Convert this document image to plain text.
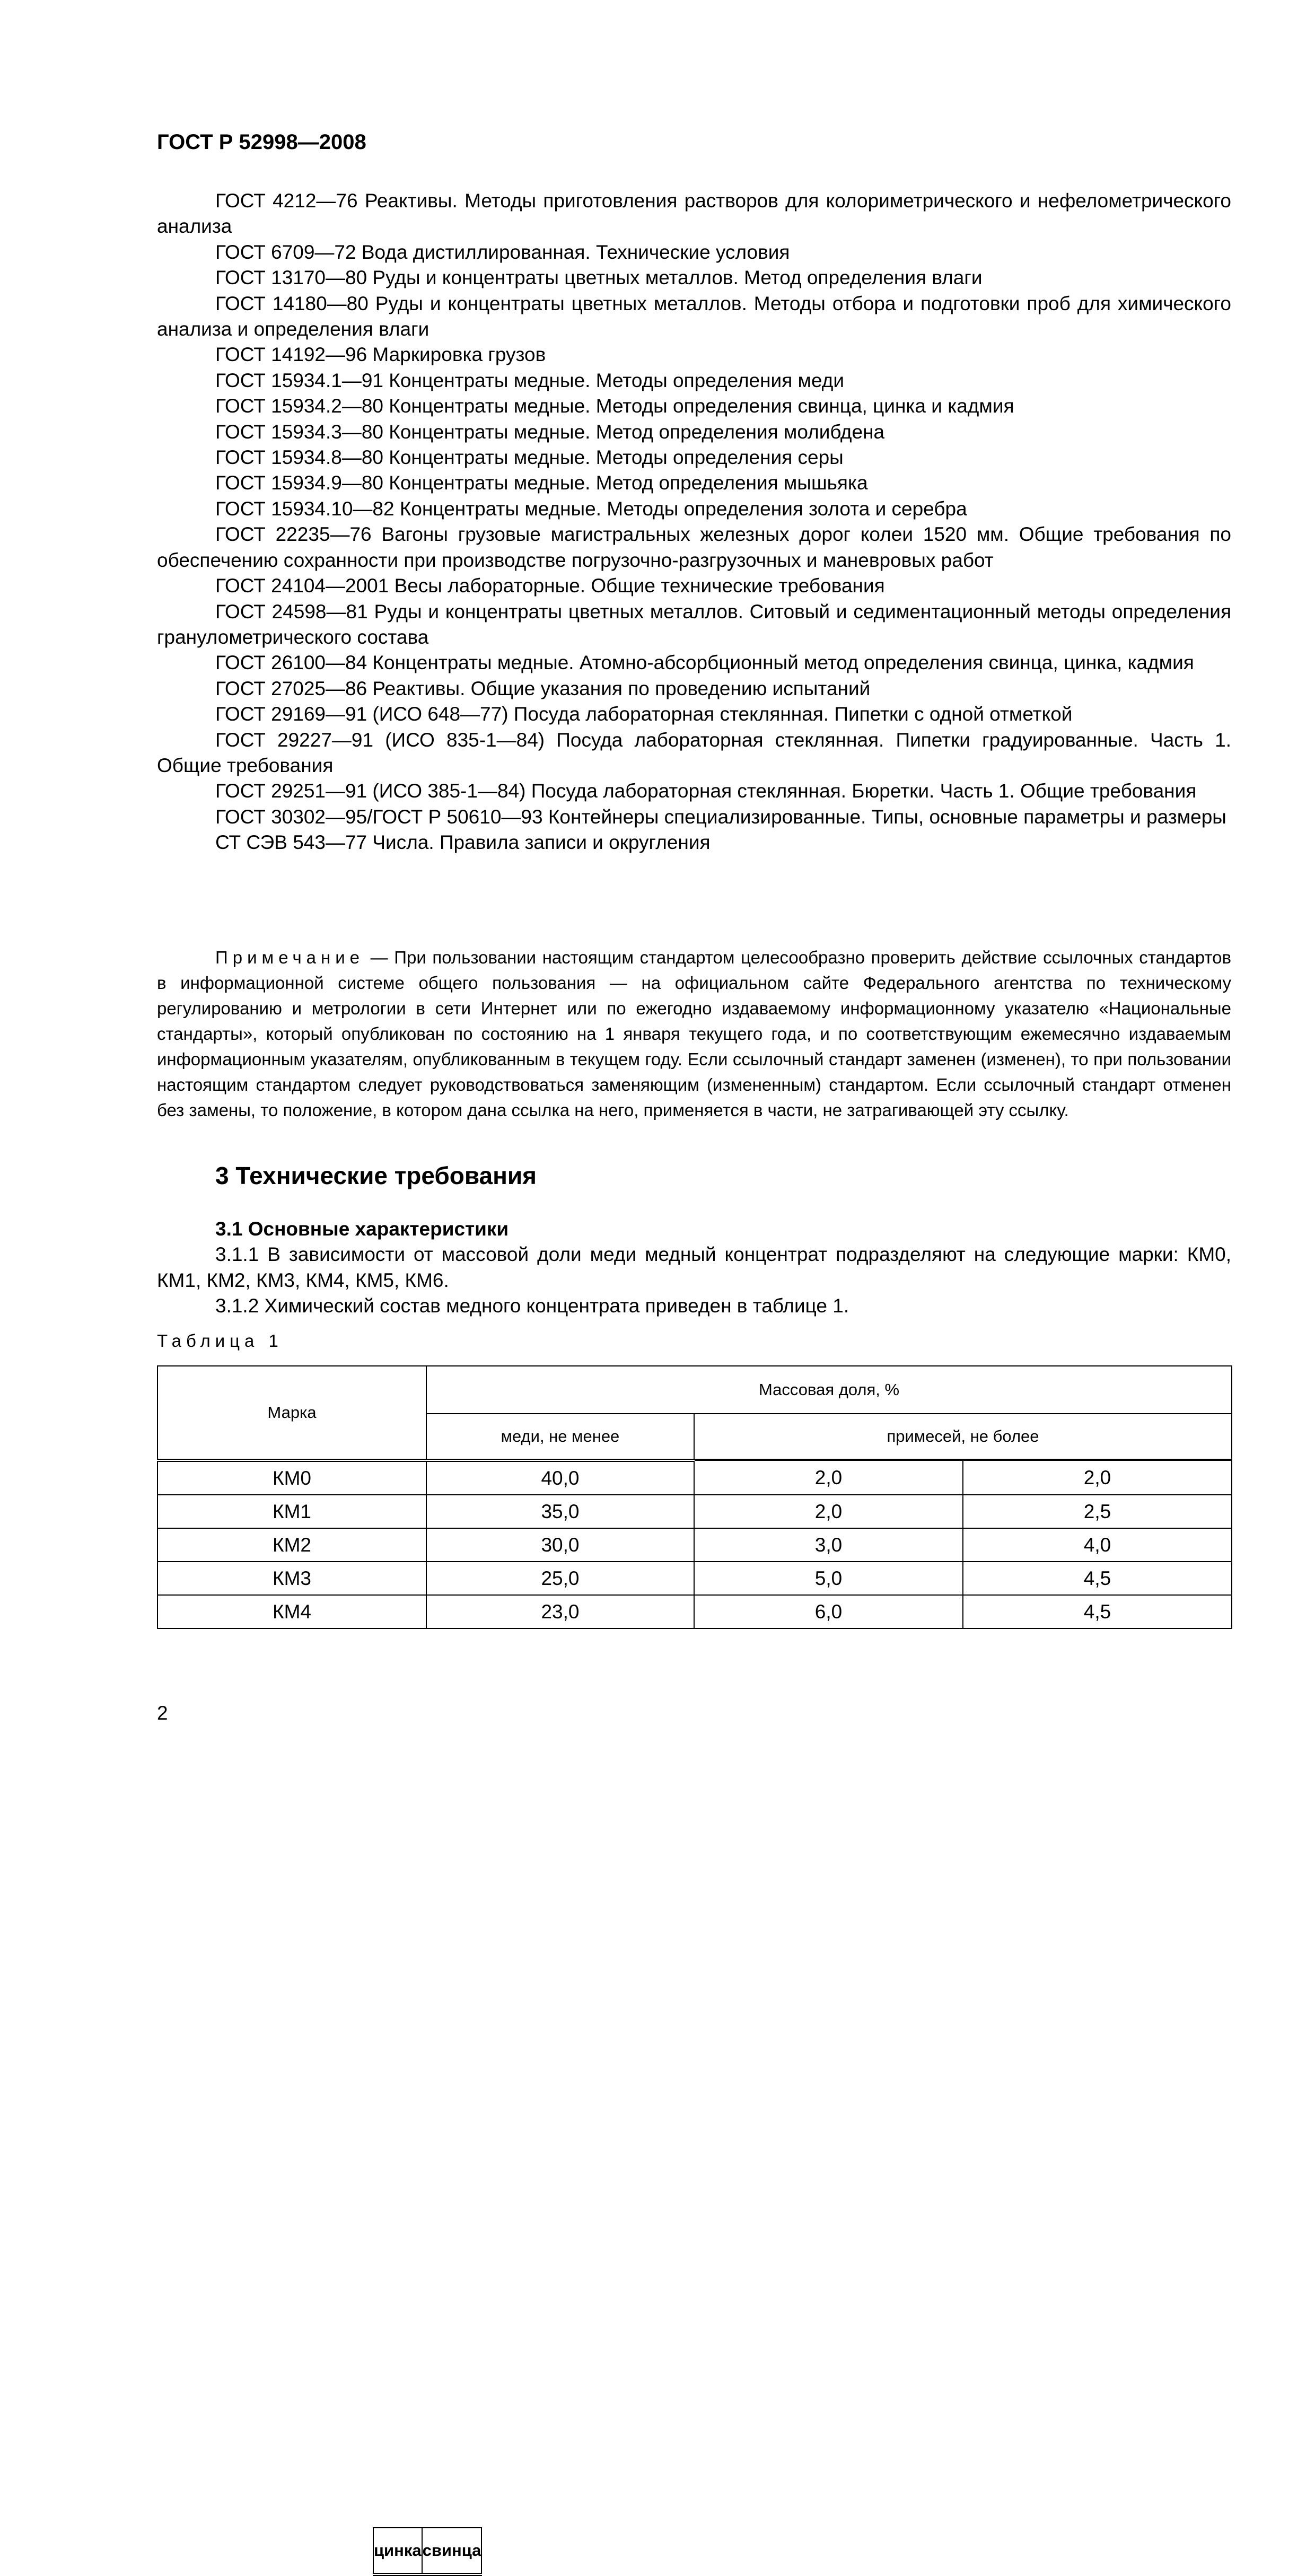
ГОСТ Р 52998—2008

ГОСТ 4212—76 Реактивы. Методы приготовления растворов для колориметрического и нефелометрического анализа

ГОСТ 6709—72 Вода дистиллированная. Технические условия

ГОСТ 13170—80 Руды и концентраты цветных металлов. Метод определения влаги

ГОСТ 14180—80 Руды и концентраты цветных металлов. Методы отбора и подготовки проб для химического анализа и определения влаги

ГОСТ 14192—96 Маркировка грузов

ГОСТ 15934.1—91 Концентраты медные. Методы определения меди

ГОСТ 15934.2—80 Концентраты медные. Методы определения свинца, цинка и кадмия

ГОСТ 15934.3—80 Концентраты медные. Метод определения молибдена

ГОСТ 15934.8—80 Концентраты медные. Методы определения серы

ГОСТ 15934.9—80 Концентраты медные. Метод определения мышьяка

ГОСТ 15934.10—82 Концентраты медные. Методы определения золота и серебра

ГОСТ 22235—76 Вагоны грузовые магистральных железных дорог колеи 1520 мм. Общие требования по обеспечению сохранности при производстве погрузочно-разгрузочных и маневровых работ

ГОСТ 24104—2001 Весы лабораторные. Общие технические требования

ГОСТ 24598—81 Руды и концентраты цветных металлов. Ситовый и седиментационный методы определения гранулометрического состава

ГОСТ 26100—84 Концентраты медные. Атомно-абсорбционный метод определения свинца, цинка, кадмия

ГОСТ 27025—86 Реактивы. Общие указания по проведению испытаний

ГОСТ 29169—91 (ИСО 648—77) Посуда лабораторная стеклянная. Пипетки с одной отметкой

ГОСТ 29227—91 (ИСО 835-1—84) Посуда лабораторная стеклянная. Пипетки градуированные. Часть 1. Общие требования

ГОСТ 29251—91 (ИСО 385-1—84) Посуда лабораторная стеклянная. Бюретки. Часть 1. Общие требования

ГОСТ 30302—95/ГОСТ Р 50610—93 Контейнеры специализированные. Типы, основные параметры и размеры

СТ СЭВ 543—77 Числа. Правила записи и округления

Примечание — При пользовании настоящим стандартом целесообразно проверить действие ссылочных стандартов в информационной системе общего пользования — на официальном сайте Федерального агентства по техническому регулированию и метрологии в сети Интернет или по ежегодно издаваемому информационному указателю «Национальные стандарты», который опубликован по состоянию на 1 января текущего года, и по соответствующим ежемесячно издаваемым информационным указателям, опубликованным в текущем году. Если ссылочный стандарт заменен (изменен), то при пользовании настоящим стандартом следует руководствоваться заменяющим (измененным) стандартом. Если ссылочный стандарт отменен без замены, то положение, в котором дана ссылка на него, применяется в части, не затрагивающей эту ссылку.

3 Технические требования

3.1 Основные характеристики

3.1.1 В зависимости от массовой доли меди медный концентрат подразделяют на следующие марки: КМ0, КМ1, КМ2, КМ3, КМ4, КМ5, КМ6.

3.1.2 Химический состав медного концентрата приведен в таблице 1.

Таблица 1
Марка	Массовая доля, %
меди, не менее	примесей, не более

цинка	свинца
КМ0	40,0	2,0	2,0
КМ1	35,0	2,0	2,5
КМ2	30,0	3,0	4,0
КМ3	25,0	5,0	4,5
КМ4	23,0	6,0	4,5
2
